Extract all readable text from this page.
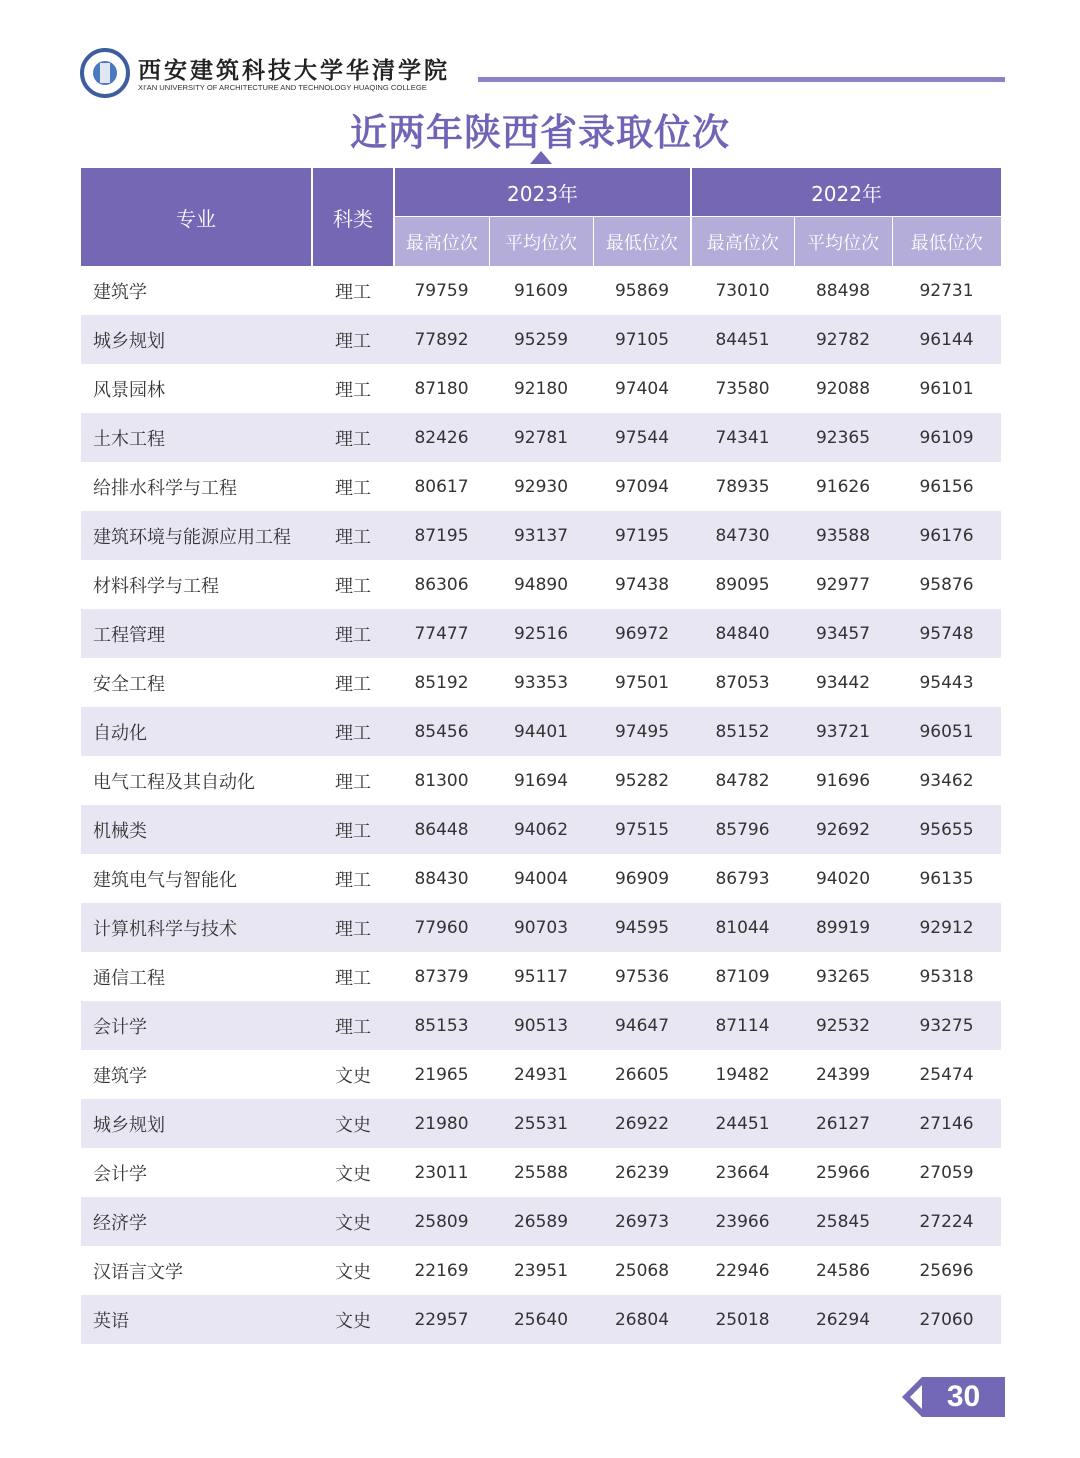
西安建筑科技大学华清学院
XI'AN UNIVERSITY OF ARCHITECTURE AND TECHNOLOGY HUAQING COLLEGE
近两年陕西省录取位次
专业	科类	2023年			2022年		
		最高位次	平均位次	最低位次	最高位次	平均位次	最低位次
建筑学	理工	79759	91609	95869	73010	88498	92731
城乡规划	理工	77892	95259	97105	84451	92782	96144
风景园林	理工	87180	92180	97404	73580	92088	96101
土木工程	理工	82426	92781	97544	74341	92365	96109
给排水科学与工程	理工	80617	92930	97094	78935	91626	96156
建筑环境与能源应用工程	理工	87195	93137	97195	84730	93588	96176
材料科学与工程	理工	86306	94890	97438	89095	92977	95876
工程管理	理工	77477	92516	96972	84840	93457	95748
安全工程	理工	85192	93353	97501	87053	93442	95443
自动化	理工	85456	94401	97495	85152	93721	96051
电气工程及其自动化	理工	81300	91694	95282	84782	91696	93462
机械类	理工	86448	94062	97515	85796	92692	95655
建筑电气与智能化	理工	88430	94004	96909	86793	94020	96135
计算机科学与技术	理工	77960	90703	94595	81044	89919	92912
通信工程	理工	87379	95117	97536	87109	93265	95318
会计学	理工	85153	90513	94647	87114	92532	93275
建筑学	文史	21965	24931	26605	19482	24399	25474
城乡规划	文史	21980	25531	26922	24451	26127	27146
会计学	文史	23011	25588	26239	23664	25966	27059
经济学	文史	25809	26589	26973	23966	25845	27224
汉语言文学	文史	22169	23951	25068	22946	24586	25696
英语	文史	22957	25640	26804	25018	26294	27060
30
